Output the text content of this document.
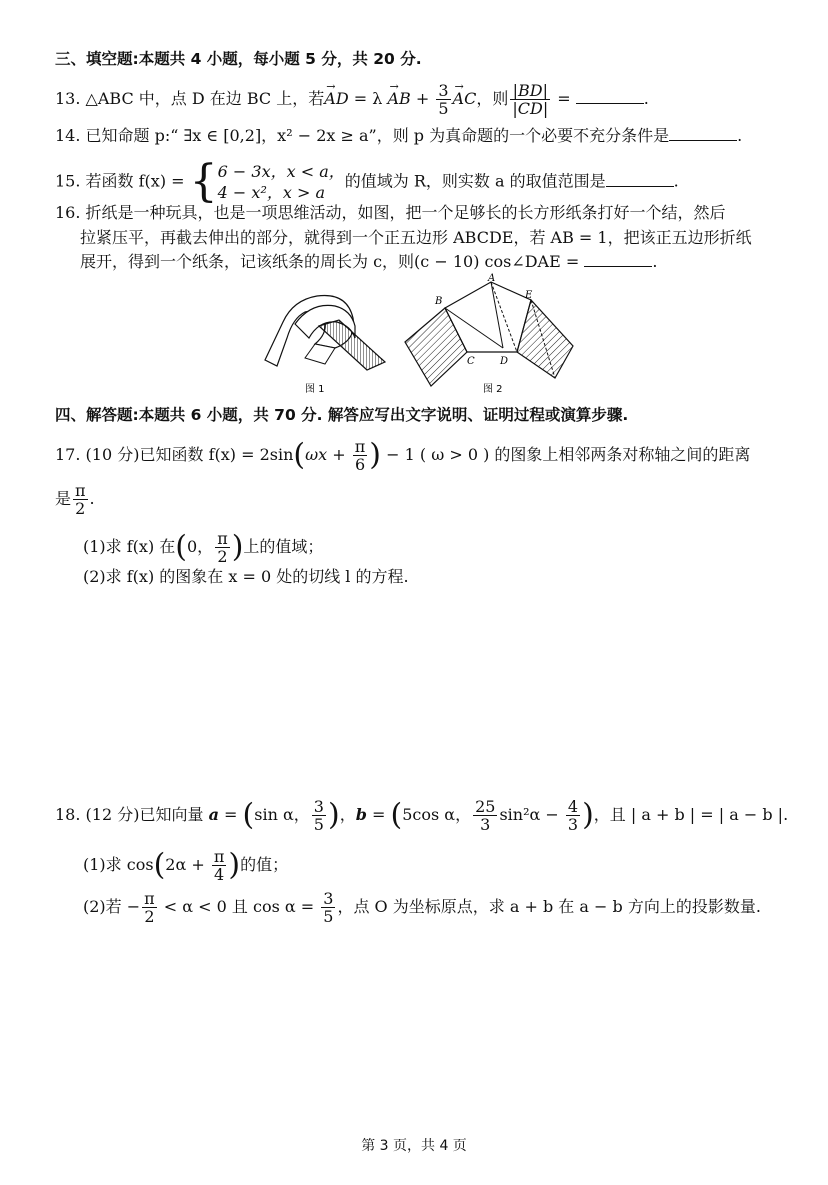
三、填空题:本题共 4 小题，每小题 5 分，共 20 分.
13. △ABC 中，点 D 在边 BC 上，若→ AD = λ → AB + $\frac{3}{5}$
→ AC，则 $\frac{|BD|}{|CD|}$ =	.
14. 已知命题 p:“ ∃x ∈ [0,2]，x² − 2x ≥ a”，则 p 为真命题的一个必要不充分条件是	.
15. 若函数 f(x) = { 6 − 3x，x < a，
4 − x²，x > a
的值域为 R，则实数 a 的取值范围是	.
16. 折纸是一种玩具，也是一项思维活动，如图，把一个足够长的长方形纸条打好一个结，然后
拉紧压平，再截去伸出的部分，就得到一个正五边形 ABCDE，若 AB = 1，把该正五边形折纸
展开，得到一个纸条，记该纸条的周长为 c，则(c − 10) cos∠DAE =	.
A
B
C	D
E
图 1	图 2
四、解答题:本题共 6 小题，共 70 分. 解答应写出文字说明、证明过程或演算步骤.
17. (10 分)已知函数 $f(x) = 2\sin(\omega x + \frac{\pi}{6}$ ) − 1 ( ω > 0 ) 的图象上相邻两条对称轴之间的距离
是 $\frac{\pi}{2}$ .
(1)求 f(x) 在(0， $\frac{\pi}{2}$ )上的值域；
(2)求 f(x) 的图象在 x = 0 处的切线 l 的方程.
18. (12 分)已知向量 a = (sin α， $\frac{3}{5}$ )，b = (5cos α， $\frac{25}{3} \sin^2\alpha - \frac{4}{3}$ )，且 | a + b | = | a − b |.
(1)求 $\cos(2\alpha + \frac{\pi}{4}$ )的值；
(2)若 − $\frac{\pi}{2} < \alpha < 0$ 且 $\cos \alpha = \frac{3}{5}$ ，点 O 为坐标原点，求 a + b 在 a − b 方向上的投影数量.
第 3 页，共 4 页
